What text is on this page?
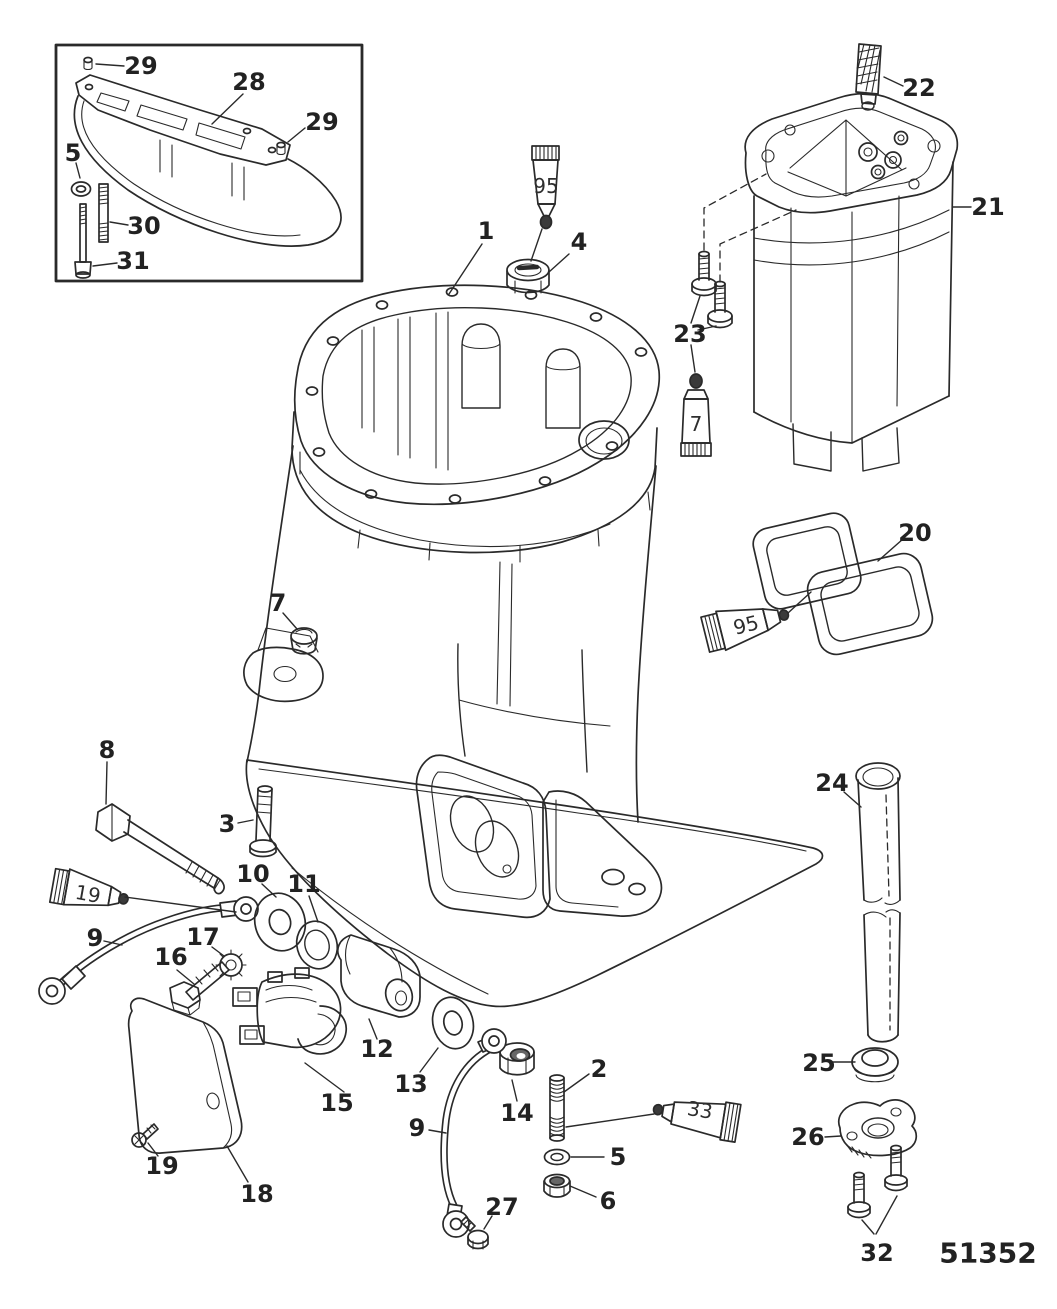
95
7
95
19
33
29
28
29
5
30
31
1	4
22
21
23
20
7
8
3
24
10 11
9	17
16
12
13
15	14
9
2
5
6
27
19
18
25
26
32 51352
